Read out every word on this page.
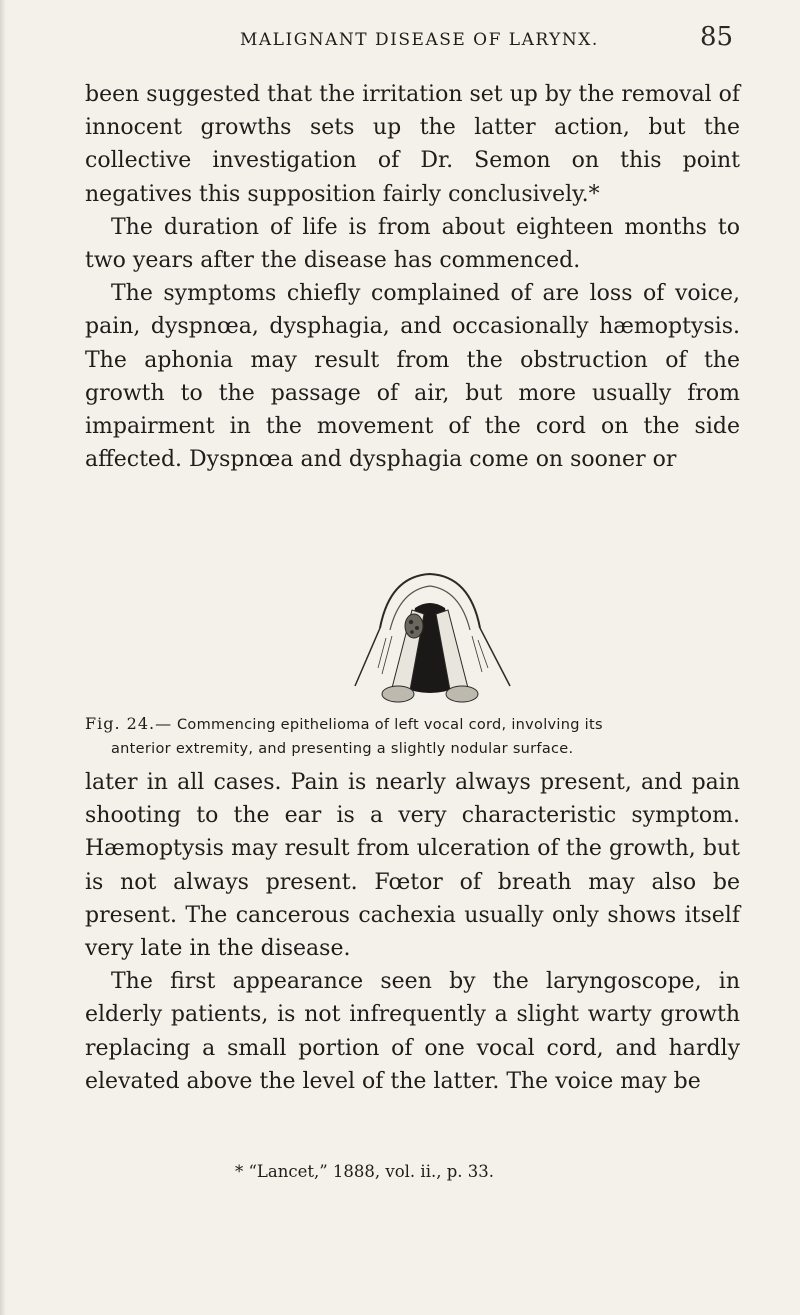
MALIGNANT DISEASE OF LARYNX.	85

been suggested that the irritation set up by the removal of innocent growths sets up the latter action, but the collective investigation of Dr. Semon on this point negatives this supposition fairly conclusively.*

The duration of life is from about eighteen months to two years after the disease has commenced.

The symptoms chiefly complained of are loss of voice, pain, dyspnœa, dysphagia, and occasionally hæmoptysis. The aphonia may result from the obstruction of the growth to the passage of air, but more usually from impairment in the movement of the cord on the side affected. Dyspnœa and dysphagia come on sooner or

Fig. 24.— Commencing epithelioma of left vocal cord, involving its
anterior extremity, and presenting a slightly nodular surface.

later in all cases. Pain is nearly always present, and pain shooting to the ear is a very characteristic symptom. Hæmoptysis may result from ulceration of the growth, but is not always present. Fœtor of breath may also be present. The cancerous cachexia usually only shows itself very late in the disease.

The first appearance seen by the laryngoscope, in elderly patients, is not infrequently a slight warty growth replacing a small portion of one vocal cord, and hardly elevated above the level of the latter. The voice may be

* “Lancet,” 1888, vol. ii., p. 33.
